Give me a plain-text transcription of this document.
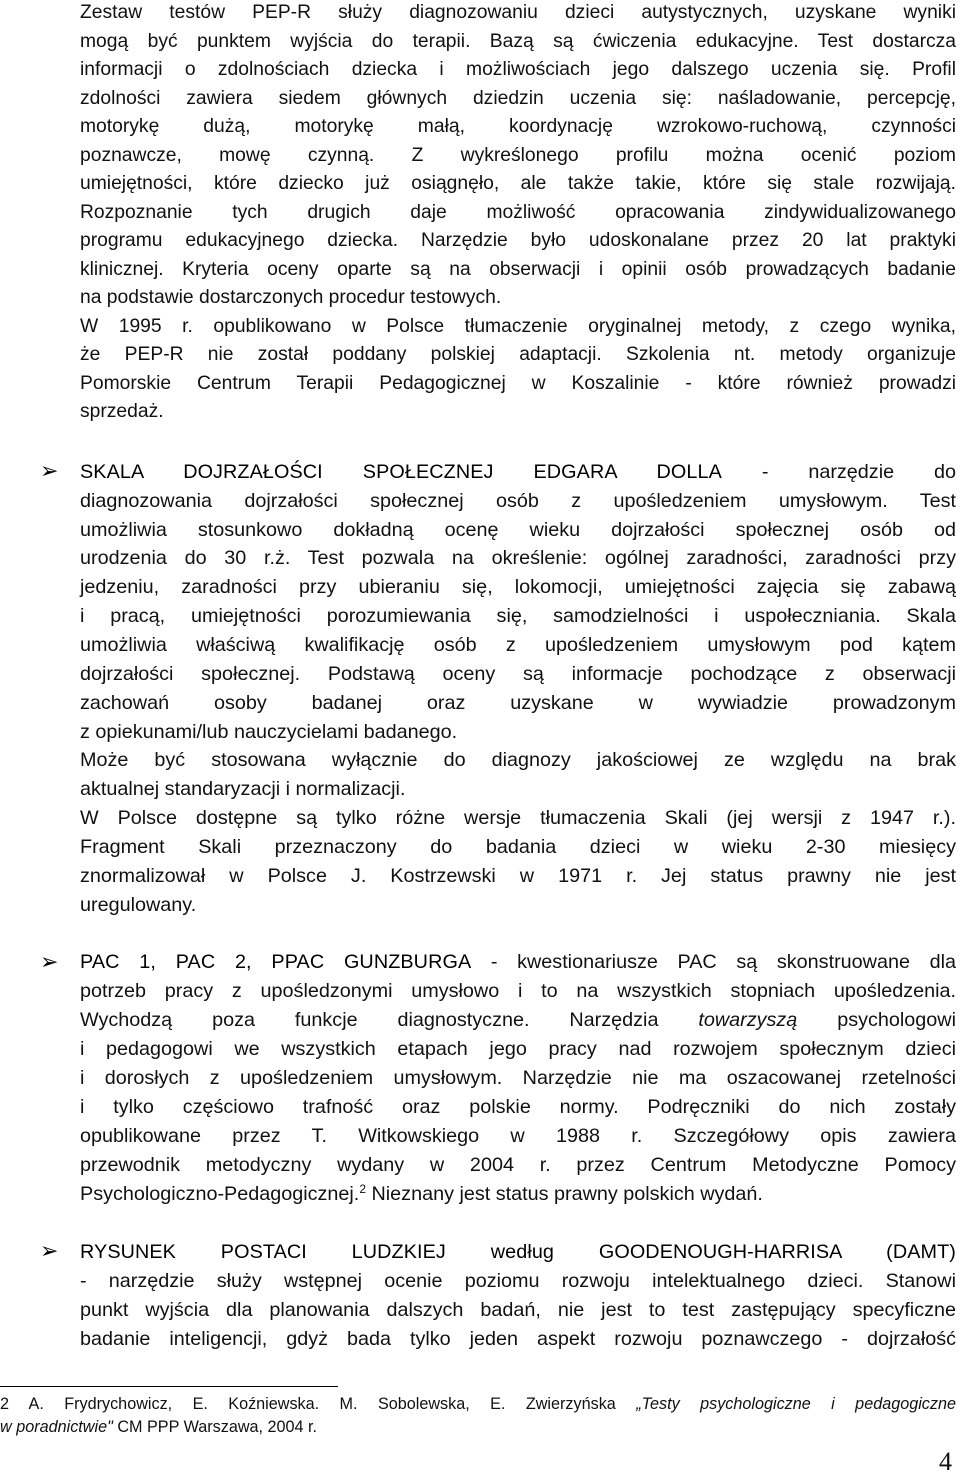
Zestaw testów PEP-R służy diagnozowaniu dzieci autystycznych, uzyskane wyniki
mogą być punktem wyjścia do terapii. Bazą są ćwiczenia edukacyjne. Test dostarcza
informacji o zdolnościach dziecka i możliwościach jego dalszego uczenia się. Profil
zdolności zawiera siedem głównych dziedzin uczenia się: naśladowanie, percepcję,
motorykę dużą, motorykę małą, koordynację wzrokowo-ruchową, czynności
poznawcze, mowę czynną. Z wykreślonego profilu można ocenić poziom
umiejętności, które dziecko już osiągnęło, ale także takie, które się stale rozwijają.
Rozpoznanie tych drugich daje możliwość opracowania zindywidualizowanego
programu edukacyjnego dziecka. Narzędzie było udoskonalane przez 20 lat praktyki
klinicznej. Kryteria oceny oparte są na obserwacji i opinii osób prowadzących badanie
na podstawie dostarczonych procedur testowych.
W 1995 r. opublikowano w Polsce tłumaczenie oryginalnej metody, z czego wynika,
że PEP-R nie został poddany polskiej adaptacji. Szkolenia nt. metody organizuje
Pomorskie Centrum Terapii Pedagogicznej w Koszalinie - które również prowadzi
sprzedaż.
➢ SKALA DOJRZAŁOŚCI SPOŁECZNEJ EDGARA DOLLA - narzędzie do
diagnozowania dojrzałości społecznej osób z upośledzeniem umysłowym. Test
umożliwia stosunkowo dokładną ocenę wieku dojrzałości społecznej osób od
urodzenia do 30 r.ż. Test pozwala na określenie: ogólnej zaradności, zaradności przy
jedzeniu, zaradności przy ubieraniu się, lokomocji, umiejętności zajęcia się zabawą
i pracą, umiejętności porozumiewania się, samodzielności i uspołeczniania. Skala
umożliwia właściwą kwalifikację osób z upośledzeniem umysłowym pod kątem
dojrzałości społecznej. Podstawą oceny są informacje pochodzące z obserwacji
zachowań osoby badanej oraz uzyskane w wywiadzie prowadzonym
z opiekunami/lub nauczycielami badanego.
Może być stosowana wyłącznie do diagnozy jakościowej ze względu na brak
aktualnej standaryzacji i normalizacji.
W Polsce dostępne są tylko różne wersje tłumaczenia Skali (jej wersji z 1947 r.).
Fragment Skali przeznaczony do badania dzieci w wieku 2-30 miesięcy
znormalizował w Polsce J. Kostrzewski w 1971 r. Jej status prawny nie jest
uregulowany.
➢ PAC 1, PAC 2, PPAC GUNZBURGA - kwestionariusze PAC są skonstruowane dla
potrzeb pracy z upośledzonymi umysłowo i to na wszystkich stopniach upośledzenia.
Wychodzą poza funkcje diagnostyczne. Narzędzia towarzyszą psychologowi
i pedagogowi we wszystkich etapach jego pracy nad rozwojem społecznym dzieci
i dorosłych z upośledzeniem umysłowym. Narzędzie nie ma oszacowanej rzetelności
i tylko częściowo trafność oraz polskie normy. Podręczniki do nich zostały
opublikowane przez T. Witkowskiego w 1988 r. Szczegółowy opis zawiera
przewodnik metodyczny wydany w 2004 r. przez Centrum Metodyczne Pomocy
Psychologiczno-Pedagogicznej.$^2$ Nieznany jest status prawny polskich wydań.
➢ RYSUNEK POSTACI LUDZKIEJ według GOODENOUGH-HARRISA (DAMT)
- narzędzie służy wstępnej ocenie poziomu rozwoju intelektualnego dzieci. Stanowi
punkt wyjścia dla planowania dalszych badań, nie jest to test zastępujący specyficzne
badanie inteligencji, gdyż bada tylko jeden aspekt rozwoju poznawczego - dojrzałość
2 A. Frydrychowicz, E. Koźniewska. M. Sobolewska, E. Zwierzyńska „Testy psychologiczne i pedagogiczne
w poradnictwie" CM PPP Warszawa, 2004 r.
4
